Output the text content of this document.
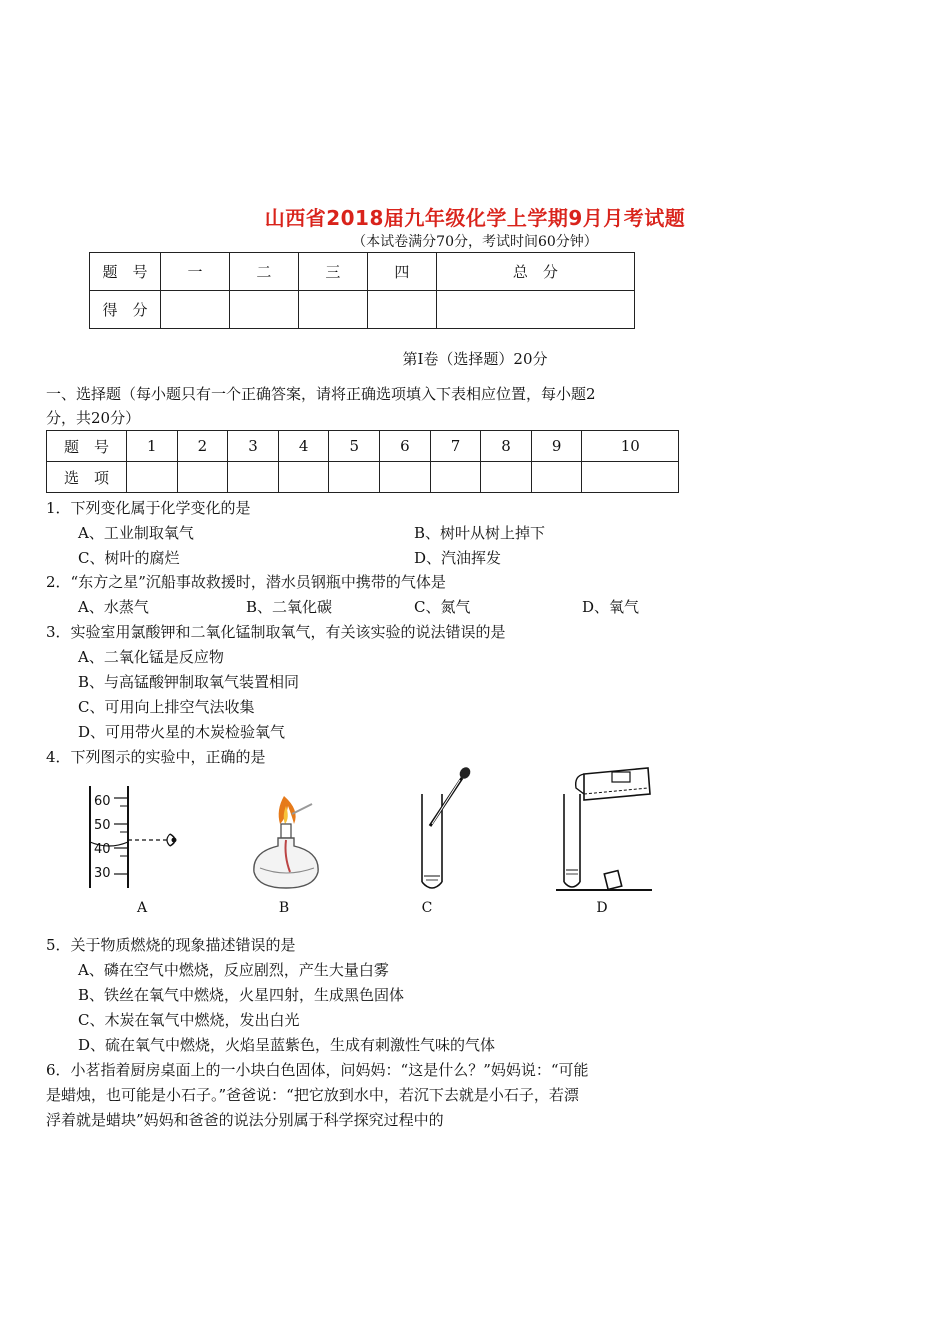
山西省2018届九年级化学上学期9月月考试题
（本试卷满分70分，考试时间60分钟）
题　号	一	二	三	四	总　分
得　分					
第Ⅰ卷（选择题）20分
一、选择题（每小题只有一个正确答案，请将正确选项填入下表相应位置，每小题2
分，共20分）
题　号	1	2	3	4	5	6	7	8	9	10
选　项										
1．下列变化属于化学变化的是
A、工业制取氧气	B、树叶从树上掉下
C、树叶的腐烂	D、汽油挥发
2．“东方之星”沉船事故救援时，潜水员钢瓶中携带的气体是
A、水蒸气	B、二氧化碳	C、氮气	D、氧气
3．实验室用氯酸钾和二氧化锰制取氧气，有关该实验的说法错误的是
A、二氧化锰是反应物
B、与高锰酸钾制取氧气装置相同
C、可用向上排空气法收集
D、可用带火星的木炭检验氧气
4．下列图示的实验中，正确的是
60
50
40
30
A	B	C	D
5．关于物质燃烧的现象描述错误的是
A、磷在空气中燃烧，反应剧烈，产生大量白雾
B、铁丝在氧气中燃烧，火星四射，生成黑色固体
C、木炭在氧气中燃烧，发出白光
D、硫在氧气中燃烧，火焰呈蓝紫色，生成有刺激性气味的气体
6．小茗指着厨房桌面上的一小块白色固体，问妈妈：“这是什么？”妈妈说：“可能
是蜡烛，也可能是小石子。”爸爸说：“把它放到水中，若沉下去就是小石子，若漂
浮着就是蜡块”妈妈和爸爸的说法分别属于科学探究过程中的
